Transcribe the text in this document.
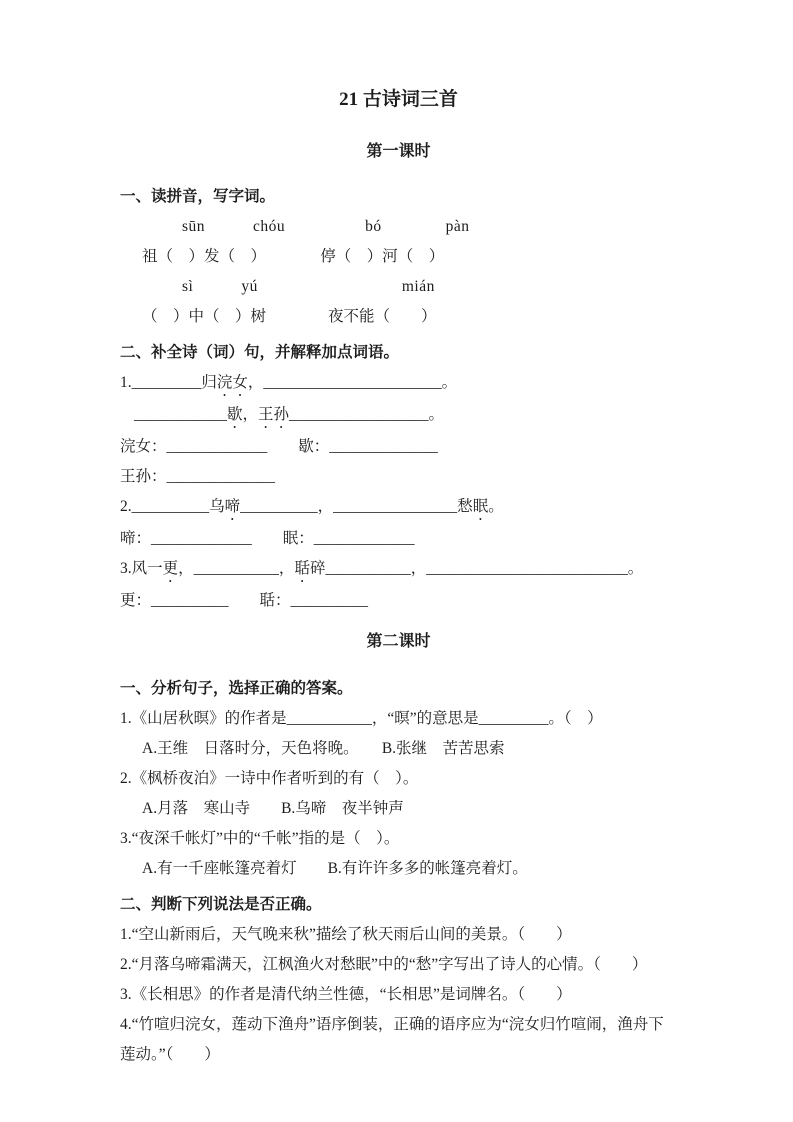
21 古诗词三首
第一课时
一、读拼音，写字词。
sūn　　　chóu　　　　　bó　　　　pàn
祖（　）发（　）　　　　停（　）河（　）
sì　　　yú　　　　　　　　　mián
（　）中（　）树　　　　夜不能（　　）
二、补全诗（词）句，并解释加点词语。
1._________归浣女，_______________________。
____________歇，王孙__________________。
浣女：_____________　　歇：______________
王孙：______________
2.__________乌啼__________，________________愁眠。
啼：_____________　　眠：_____________
3.风一更，___________，聒碎___________，__________________________。
更：__________　　聒：__________
第二课时
一、分析句子，选择正确的答案。
1.《山居秋暝》的作者是___________，“暝”的意思是_________。（　）
A.王维　日落时分，天色将晚。　　B.张继　苦苦思索
2.《枫桥夜泊》一诗中作者听到的有（　）。
A.月落　寒山寺　　B.乌啼　夜半钟声
3.“夜深千帐灯”中的“千帐”指的是（　）。
A.有一千座帐篷亮着灯　　B.有许许多多的帐篷亮着灯。
二、判断下列说法是否正确。
1.“空山新雨后，天气晚来秋”描绘了秋天雨后山间的美景。（　　）
2.“月落乌啼霜满天，江枫渔火对愁眠”中的“愁”字写出了诗人的心情。（　　）
3.《长相思》的作者是清代纳兰性德，“长相思”是词牌名。（　　）
4.“竹喧归浣女，莲动下渔舟”语序倒装，正确的语序应为“浣女归竹喧闹，渔舟下莲动。”（　　）
